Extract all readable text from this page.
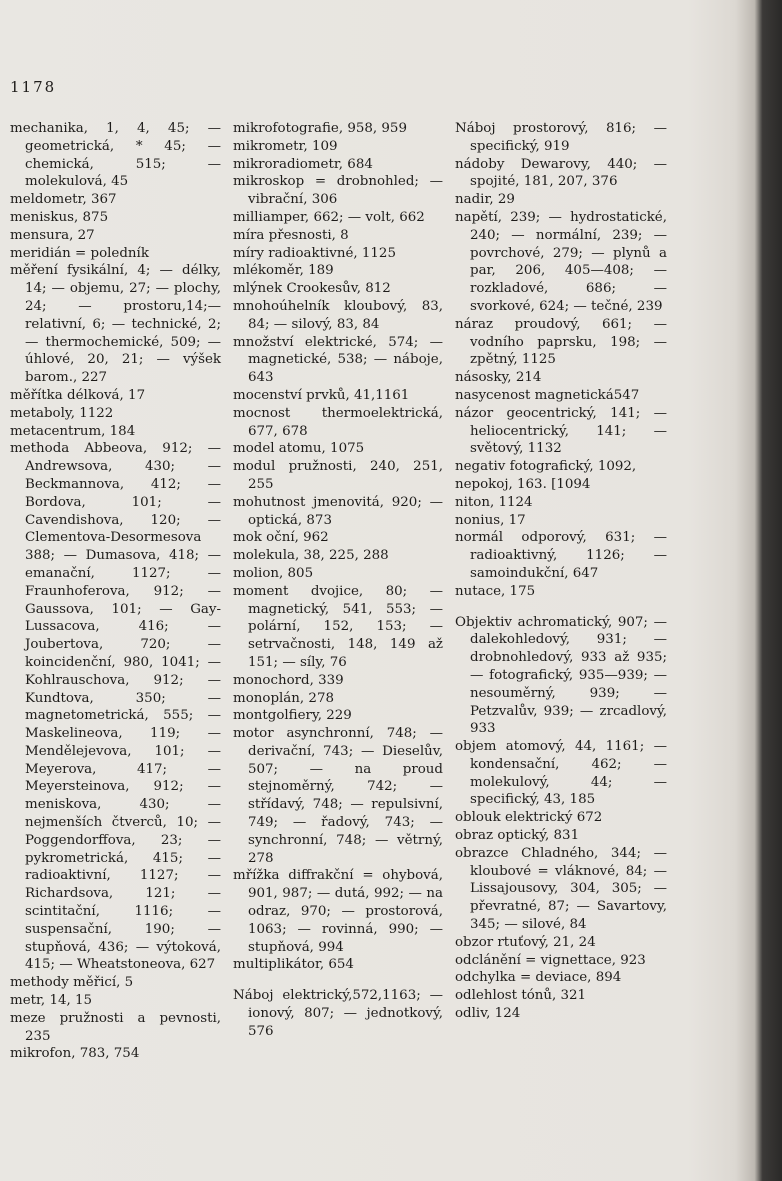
1178
mechanika, 1, 4, 45; — geometrická, * 45; — chemická, 515; — molekulová, 45
meldometr, 367
meniskus, 875
mensura, 27
meridián = poledník
měření fysikální, 4; — délky, 14; — objemu, 27; — plochy, 24; — prostoru,14;—relativní, 6; — technické, 2; — thermochemické, 509; — úhlové, 20, 21; — výšek barom., 227
měřítka délková, 17
metaboly, 1122
metacentrum, 184
methoda Abbeova, 912; — Andrewsova, 430; — Beckmannova, 412; — Bordova, 101; — Cavendishova, 120; — Clementova-Desormesova 388; — Dumasova, 418; — emanační, 1127; — Fraunhoferova, 912; — Gaussova, 101; — Gay-Lussacova, 416; — Joubertova, 720; — koincidenční, 980, 1041; — Kohlrauschova, 912; — Kundtova, 350; — magnetometrická, 555; — Maskelineova, 119; — Mendělejevova, 101; — Meyerova, 417; — Meyersteinova, 912; — meniskovа, 430; — nejmenších čtverců, 10; — Poggendorffova, 23; — pykrometrická, 415; — radioaktivní, 1127; — Richardsova, 121; — scintitační, 1116; — suspensační, 190; — stupňová, 436; — výtoková, 415; — Wheatstoneova, 627
methody měřicí, 5
metr, 14, 15
meze pružnosti a pevnosti, 235
mikrofon, 783, 754
mikrofotografie, 958, 959
mikrometr, 109
mikroradiometr, 684
mikroskop = drobnohled; — vibrační, 306
milliamper, 662; — volt, 662
míra přesnosti, 8
míry radioaktivné, 1125
mlékoměr, 189
mlýnek Crookesův, 812
mnohoúhelník kloubový, 83, 84; — silový, 83, 84
množství elektrické, 574; — magnetické, 538; — náboje, 643
mocenství prvků, 41,1161
mocnost thermoelektrická, 677, 678
model atomu, 1075
modul pružnosti, 240, 251, 255
mohutnost jmenovitá, 920; — optická, 873
mok oční, 962
molekula, 38, 225, 288
molion, 805
moment dvojice, 80; — magnetický, 541, 553; — polární, 152, 153; — setrvačnosti, 148, 149 až 151; — síly, 76
monochord, 339
monoplán, 278
montgolfiery, 229
motor asynchronní, 748; — derivační, 743; — Dieselův, 507; — na proud stejnoměrný, 742; — střídavý, 748; — repulsivní, 749; — řadový, 743; — synchronní, 748; — větrný, 278
mřížka diffrakční = ohybová, 901, 987; — dutá, 992; — na odraz, 970; — prostorová, 1063; — rovinná, 990; — stupňová, 994
multiplikátor, 654
Náboj elektrický,572,1163; — ionový, 807; — jednotkový, 576
Náboj prostorový, 816; — specifický, 919
nádoby Dewarovy, 440; — spojité, 181, 207, 376
nadir, 29
napětí, 239; — hydrostatické, 240; — normální, 239; — povrchové, 279; — plynů a par, 206, 405—408; — rozkladové, 686; — svorkové, 624; — tečné, 239
náraz proudový, 661; — vodního paprsku, 198; — zpětný, 1125
násosky, 214
nasycenost magnetická547
názor geocentrický, 141; — heliocentrický, 141; — světový, 1132
negativ fotografický, 1092,
nepokoj, 163. [1094
niton, 1124
nonius, 17
normál odporový, 631; — radioaktivný, 1126; — samoindukční, 647
nutace, 175
Objektiv achromatický, 907; — dalekohledový, 931; — drobnohledový, 933 až 935; — fotografický, 935—939; — nesouměrný, 939; — Petzvalův, 939; — zrcadlový, 933
objem atomový, 44, 1161; — kondensační, 462; — molekulový, 44; — specifický, 43, 185
oblouk elektrický 672
obraz optický, 831
obrazce Chladného, 344; — kloubové = vláknové, 84; — Lissajousovy, 304, 305; — převratné, 87; — Savartovy, 345; — silové, 84
obzor rtuťový, 21, 24
odclánění = vignettace, 923
odchylka = deviace, 894
odlehlost tónů, 321
odliv, 124
